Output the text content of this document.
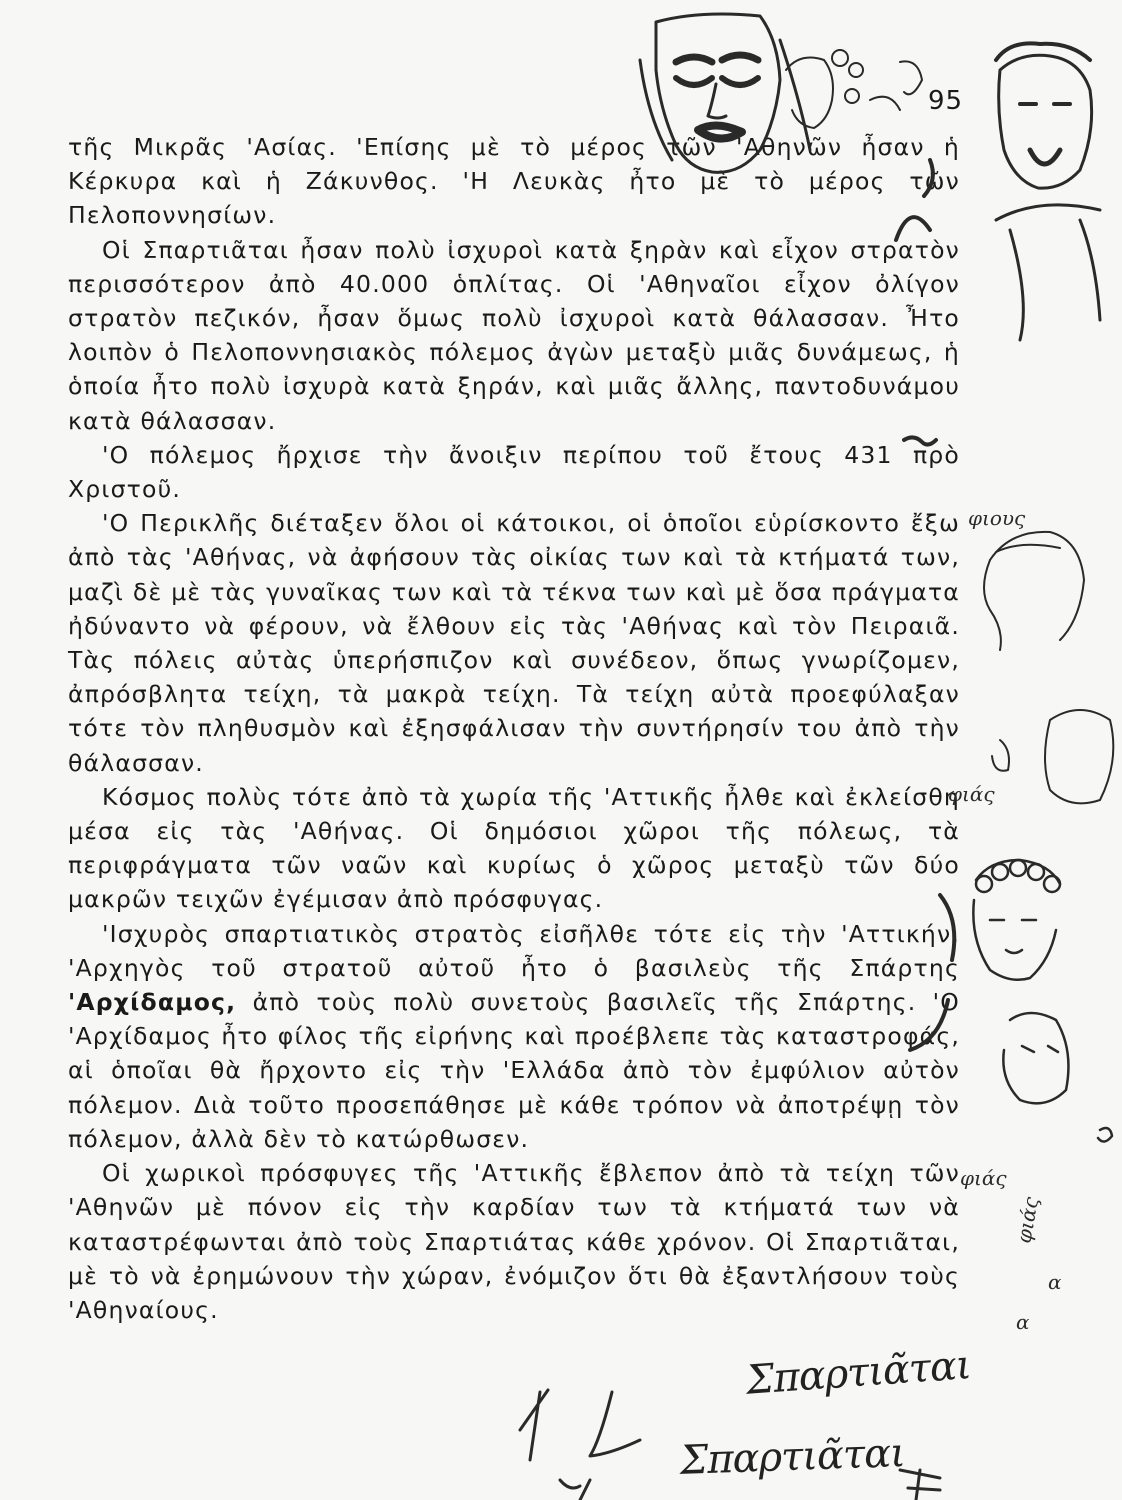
95

τῆς Μικρᾶς 'Ασίας. 'Επίσης μὲ τὸ μέρος τῶν 'Αθηνῶν ἦσαν ἡ Κέρκυρα καὶ ἡ Ζάκυνθος. 'Η Λευκὰς ἦτο μὲ τὸ μέρος τῶν Πελοποννησίων.

Οἱ Σπαρτιᾶται ἦσαν πολὺ ἰσχυροὶ κατὰ ξηρὰν καὶ εἶχον στρατὸν περισσότερον ἀπὸ 40.000 ὁπλίτας. Οἱ 'Αθηναῖοι εἶχον ὀλίγον στρατὸν πεζικόν, ἦσαν ὅμως πολὺ ἰσχυροὶ κατὰ θάλασσαν. Ἦτο λοιπὸν ὁ Πελοποννησιακὸς πόλεμος ἀγὼν μεταξὺ μιᾶς δυνάμεως, ἡ ὁποία ἦτο πολὺ ἰσχυρὰ κατὰ ξηράν, καὶ μιᾶς ἄλλης, παντοδυνάμου κατὰ θάλασσαν.

'Ο πόλεμος ἤρχισε τὴν ἄνοιξιν περίπου τοῦ ἔτους 431 πρὸ Χριστοῦ.

'Ο Περικλῆς διέταξεν ὅλοι οἱ κάτοικοι, οἱ ὁποῖοι εὑρίσκοντο ἔξω ἀπὸ τὰς 'Αθήνας, νὰ ἀφήσουν τὰς οἰκίας των καὶ τὰ κτήματά των, μαζὶ δὲ μὲ τὰς γυναῖκας των καὶ τὰ τέκνα των καὶ μὲ ὅσα πράγματα ἠδύναντο νὰ φέρουν, νὰ ἔλθουν εἰς τὰς 'Αθήνας καὶ τὸν Πειραιᾶ. Τὰς πόλεις αὐτὰς ὑπερήσπιζον καὶ συνέδεον, ὅπως γνωρίζομεν, ἀπρόσβλητα τείχη, τὰ μακρὰ τείχη. Τὰ τείχη αὐτὰ προεφύλαξαν τότε τὸν πληθυσμὸν καὶ ἐξησφάλισαν τὴν συντήρησίν του ἀπὸ τὴν θάλασσαν.

Κόσμος πολὺς τότε ἀπὸ τὰ χωρία τῆς 'Αττικῆς ἦλθε καὶ ἐκλείσθη μέσα εἰς τὰς 'Αθήνας. Οἱ δημόσιοι χῶροι τῆς πόλεως, τὰ περιφράγματα τῶν ναῶν καὶ κυρίως ὁ χῶρος μεταξὺ τῶν δύο μακρῶν τειχῶν ἐγέμισαν ἀπὸ πρόσφυγας.

'Ισχυρὸς σπαρτιατικὸς στρατὸς εἰσῆλθε τότε εἰς τὴν 'Αττικήν. 'Αρχηγὸς τοῦ στρατοῦ αὐτοῦ ἦτο ὁ βασιλεὺς τῆς Σπάρτης 'Αρχίδαμος, ἀπὸ τοὺς πολὺ συνετοὺς βασιλεῖς τῆς Σπάρτης. 'Ο 'Αρχίδαμος ἦτο φίλος τῆς εἰρήνης καὶ προέβλεπε τὰς καταστροφάς, αἱ ὁποῖαι θὰ ἤρχοντο εἰς τὴν 'Ελλάδα ἀπὸ τὸν ἐμφύλιον αὐτὸν πόλεμον. Διὰ τοῦτο προσεπάθησε μὲ κάθε τρόπον νὰ ἀποτρέψῃ τὸν πόλεμον, ἀλλὰ δὲν τὸ κατώρθωσεν.

Οἱ χωρικοὶ πρόσφυγες τῆς 'Αττικῆς ἔβλεπον ἀπὸ τὰ τείχη τῶν 'Αθηνῶν μὲ πόνον εἰς τὴν καρδίαν των τὰ κτήματά των νὰ καταστρέφωνται ἀπὸ τοὺς Σπαρτιάτας κάθε χρόνον. Οἱ Σπαρτιᾶται, μὲ τὸ νὰ ἐρημώνουν τὴν χώραν, ἐνόμιζον ὅτι θὰ ἐξαντλήσουν τοὺς 'Αθηναίους.

φιους
φιάς
φιάς
φιάς
α
α
Σπαρτιᾶται
Σπαρτιᾶται
